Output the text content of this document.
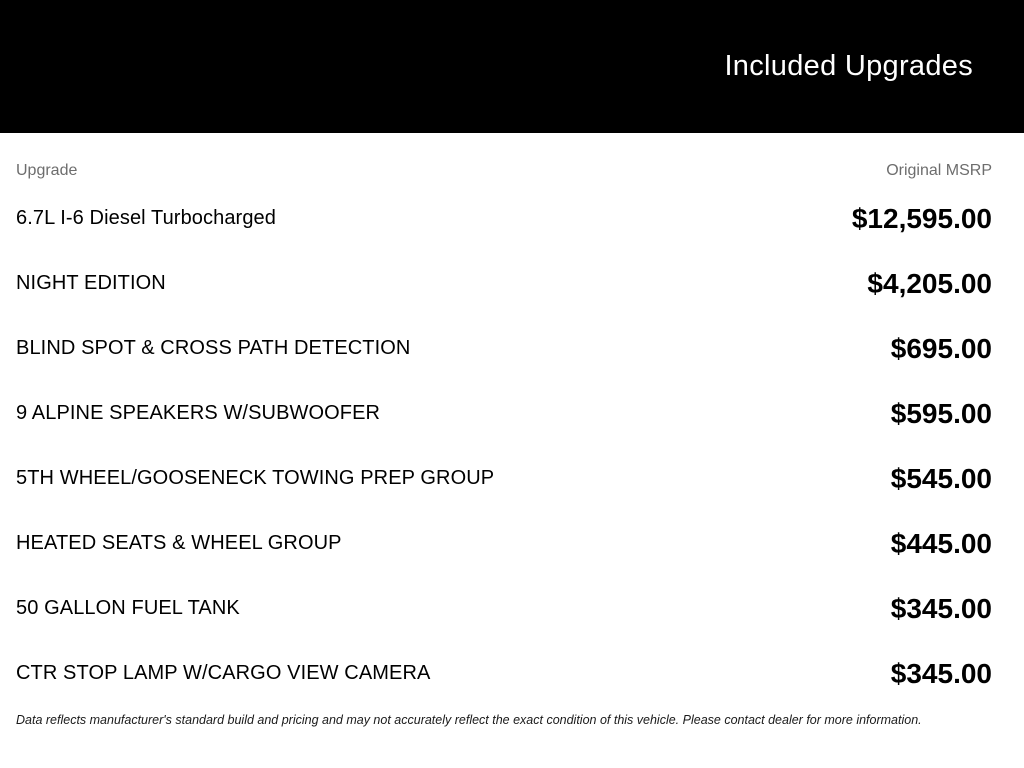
Included Upgrades
Upgrade	Original MSRP
6.7L I-6 Diesel Turbocharged	$12,595.00
NIGHT EDITION	$4,205.00
BLIND SPOT & CROSS PATH DETECTION	$695.00
9 ALPINE SPEAKERS W/SUBWOOFER	$595.00
5TH WHEEL/GOOSENECK TOWING PREP GROUP	$545.00
HEATED SEATS & WHEEL GROUP	$445.00
50 GALLON FUEL TANK	$345.00
CTR STOP LAMP W/CARGO VIEW CAMERA	$345.00
Data reflects manufacturer's standard build and pricing and may not accurately reflect the exact condition of this vehicle. Please contact dealer for more information.
